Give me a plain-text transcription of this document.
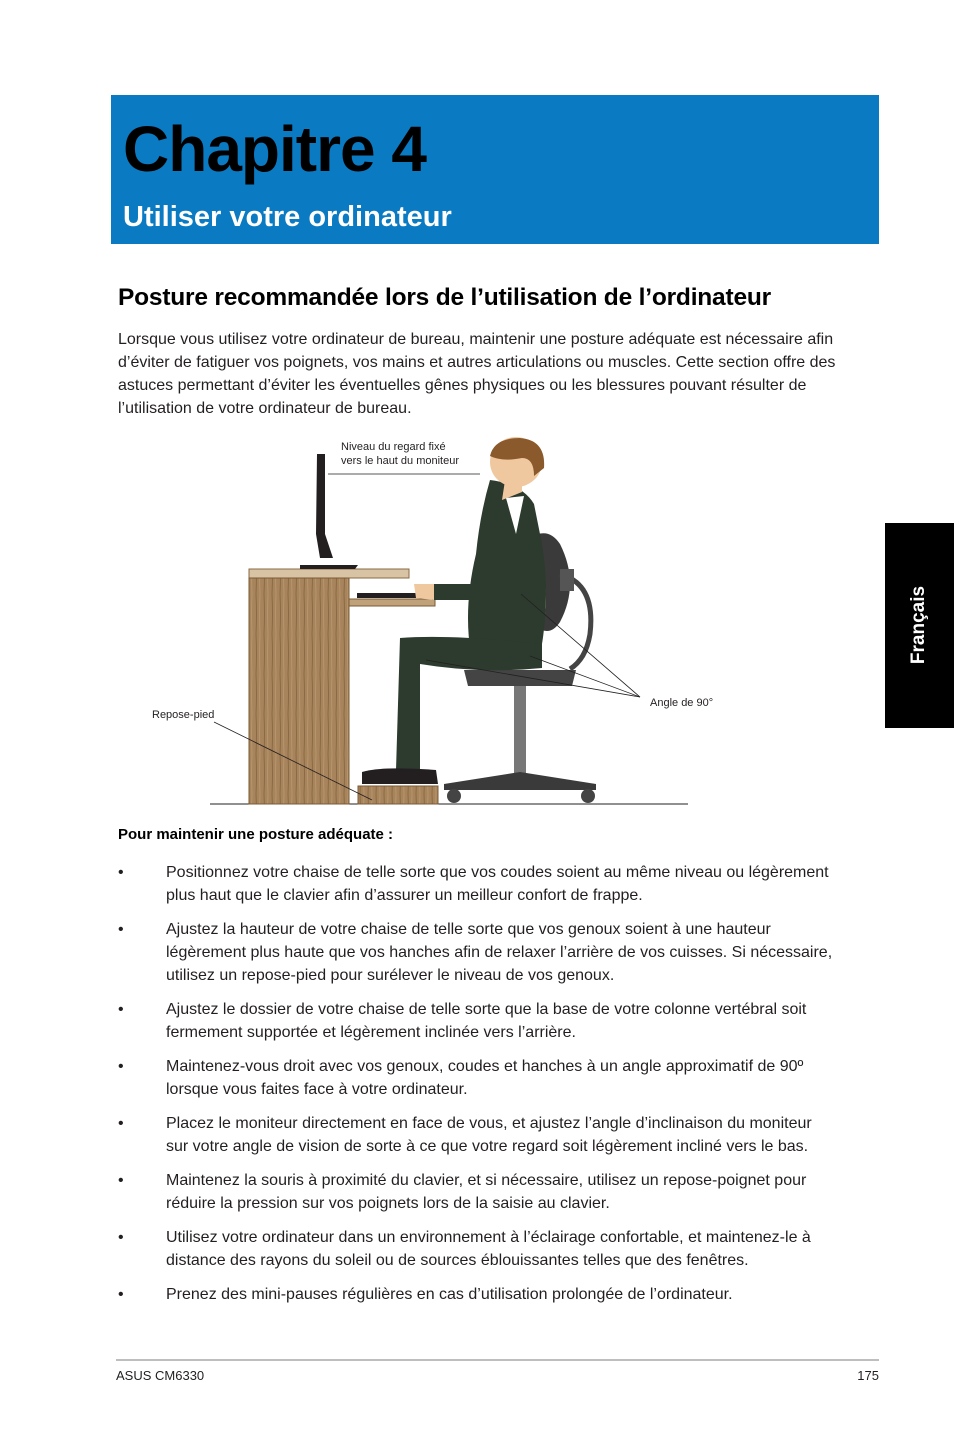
Chapitre 4
Utiliser votre ordinateur
Français
Posture recommandée lors de l’utilisation de l’ordinateur

Lorsque vous utilisez votre ordinateur de bureau, maintenir une posture adéquate est nécessaire afin d’éviter de fatiguer vos poignets, vos mains et autres articulations ou muscles. Cette section offre des astuces permettant d’éviter les éventuelles gênes physiques ou les blessures pouvant résulter de l’utilisation de votre ordinateur de bureau.

Niveau du regard fixé
vers le haut du moniteur
Angle de 90°
Repose-pied
Pour maintenir une posture adéquate :
•	Positionnez votre chaise de telle sorte que vos coudes soient au même niveau ou légèrement plus haut que le clavier afin d’assurer un meilleur confort de frappe.
•	Ajustez la hauteur de votre chaise de telle sorte que vos genoux soient à une hauteur légèrement plus haute que vos hanches afin de relaxer l’arrière de vos cuisses. Si nécessaire, utilisez un repose-pied pour surélever le niveau de vos genoux.
•	Ajustez le dossier de votre chaise de telle sorte que la base de votre colonne vertébral soit fermement supportée et légèrement inclinée vers l’arrière.
•	Maintenez-vous droit avec vos genoux, coudes et hanches à un angle approximatif de 90º lorsque vous faites face à votre ordinateur.
•	Placez le moniteur directement en face de vous, et ajustez l’angle d’inclinaison du moniteur sur votre angle de vision de sorte à ce que votre regard soit légèrement incliné vers le bas.
•	Maintenez la souris à proximité du clavier, et si nécessaire, utilisez un repose-poignet pour réduire la pression sur vos poignets lors de la saisie au clavier.
•	Utilisez votre ordinateur dans un environnement à l’éclairage confortable, et maintenez-le à distance des rayons du soleil ou de sources éblouissantes telles que des fenêtres.
•	Prenez des mini-pauses régulières en cas d’utilisation prolongée de l’ordinateur.
ASUS CM6330	175
